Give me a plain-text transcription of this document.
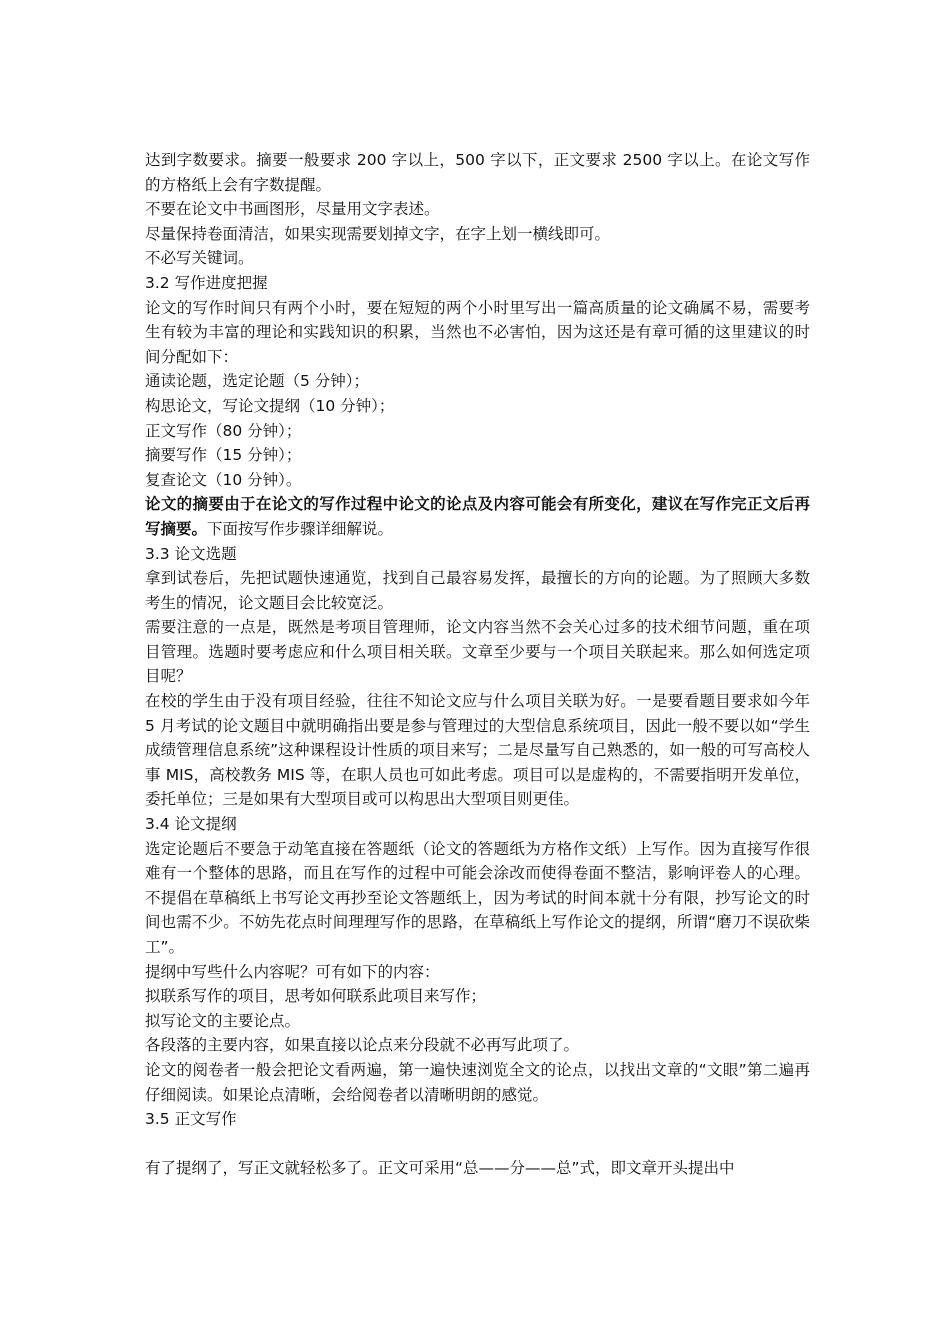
达到字数要求。摘要一般要求 200 字以上，500 字以下，正文要求 2500 字以上。在论文写作的方格纸上会有字数提醒。

不要在论文中书画图形，尽量用文字表述。

尽量保持卷面清洁，如果实现需要划掉文字，在字上划一横线即可。

不必写关键词。

3.2 写作进度把握

论文的写作时间只有两个小时，要在短短的两个小时里写出一篇高质量的论文确属不易，需要考生有较为丰富的理论和实践知识的积累，当然也不必害怕，因为这还是有章可循的这里建议的时间分配如下：

通读论题，选定论题（5 分钟）；

构思论文，写论文提纲（10 分钟）；

正文写作（80 分钟）；

摘要写作（15 分钟）；

复查论文（10 分钟）。

论文的摘要由于在论文的写作过程中论文的论点及内容可能会有所变化，建议在写作完正文后再写摘要。下面按写作步骤详细解说。

3.3 论文选题

拿到试卷后，先把试题快速通览，找到自己最容易发挥，最擅长的方向的论题。为了照顾大多数考生的情况，论文题目会比较宽泛。

需要注意的一点是，既然是考项目管理师，论文内容当然不会关心过多的技术细节问题，重在项目管理。选题时要考虑应和什么项目相关联。文章至少要与一个项目关联起来。那么如何选定项目呢？

在校的学生由于没有项目经验，往往不知论文应与什么项目关联为好。一是要看题目要求如今年 5 月考试的论文题目中就明确指出要是参与管理过的大型信息系统项目，因此一般不要以如“学生成绩管理信息系统”这种课程设计性质的项目来写；二是尽量写自己熟悉的，如一般的可写高校人事 MIS，高校教务 MIS 等，在职人员也可如此考虑。项目可以是虚构的，不需要指明开发单位，委托单位；三是如果有大型项目或可以构思出大型项目则更佳。

3.4 论文提纲

选定论题后不要急于动笔直接在答题纸（论文的答题纸为方格作文纸）上写作。因为直接写作很难有一个整体的思路，而且在写作的过程中可能会涂改而使得卷面不整洁，影响评卷人的心理。不提倡在草稿纸上书写论文再抄至论文答题纸上，因为考试的时间本就十分有限，抄写论文的时间也需不少。不妨先花点时间理理写作的思路，在草稿纸上写作论文的提纲，所谓“磨刀不误砍柴工”。

提纲中写些什么内容呢？可有如下的内容：

拟联系写作的项目，思考如何联系此项目来写作；

拟写论文的主要论点。

各段落的主要内容，如果直接以论点来分段就不必再写此项了。

论文的阅卷者一般会把论文看两遍，第一遍快速浏览全文的论点，以找出文章的“文眼”第二遍再仔细阅读。如果论点清晰，会给阅卷者以清晰明朗的感觉。

3.5 正文写作

有了提纲了，写正文就轻松多了。正文可采用“总——分——总”式，即文章开头提出中
